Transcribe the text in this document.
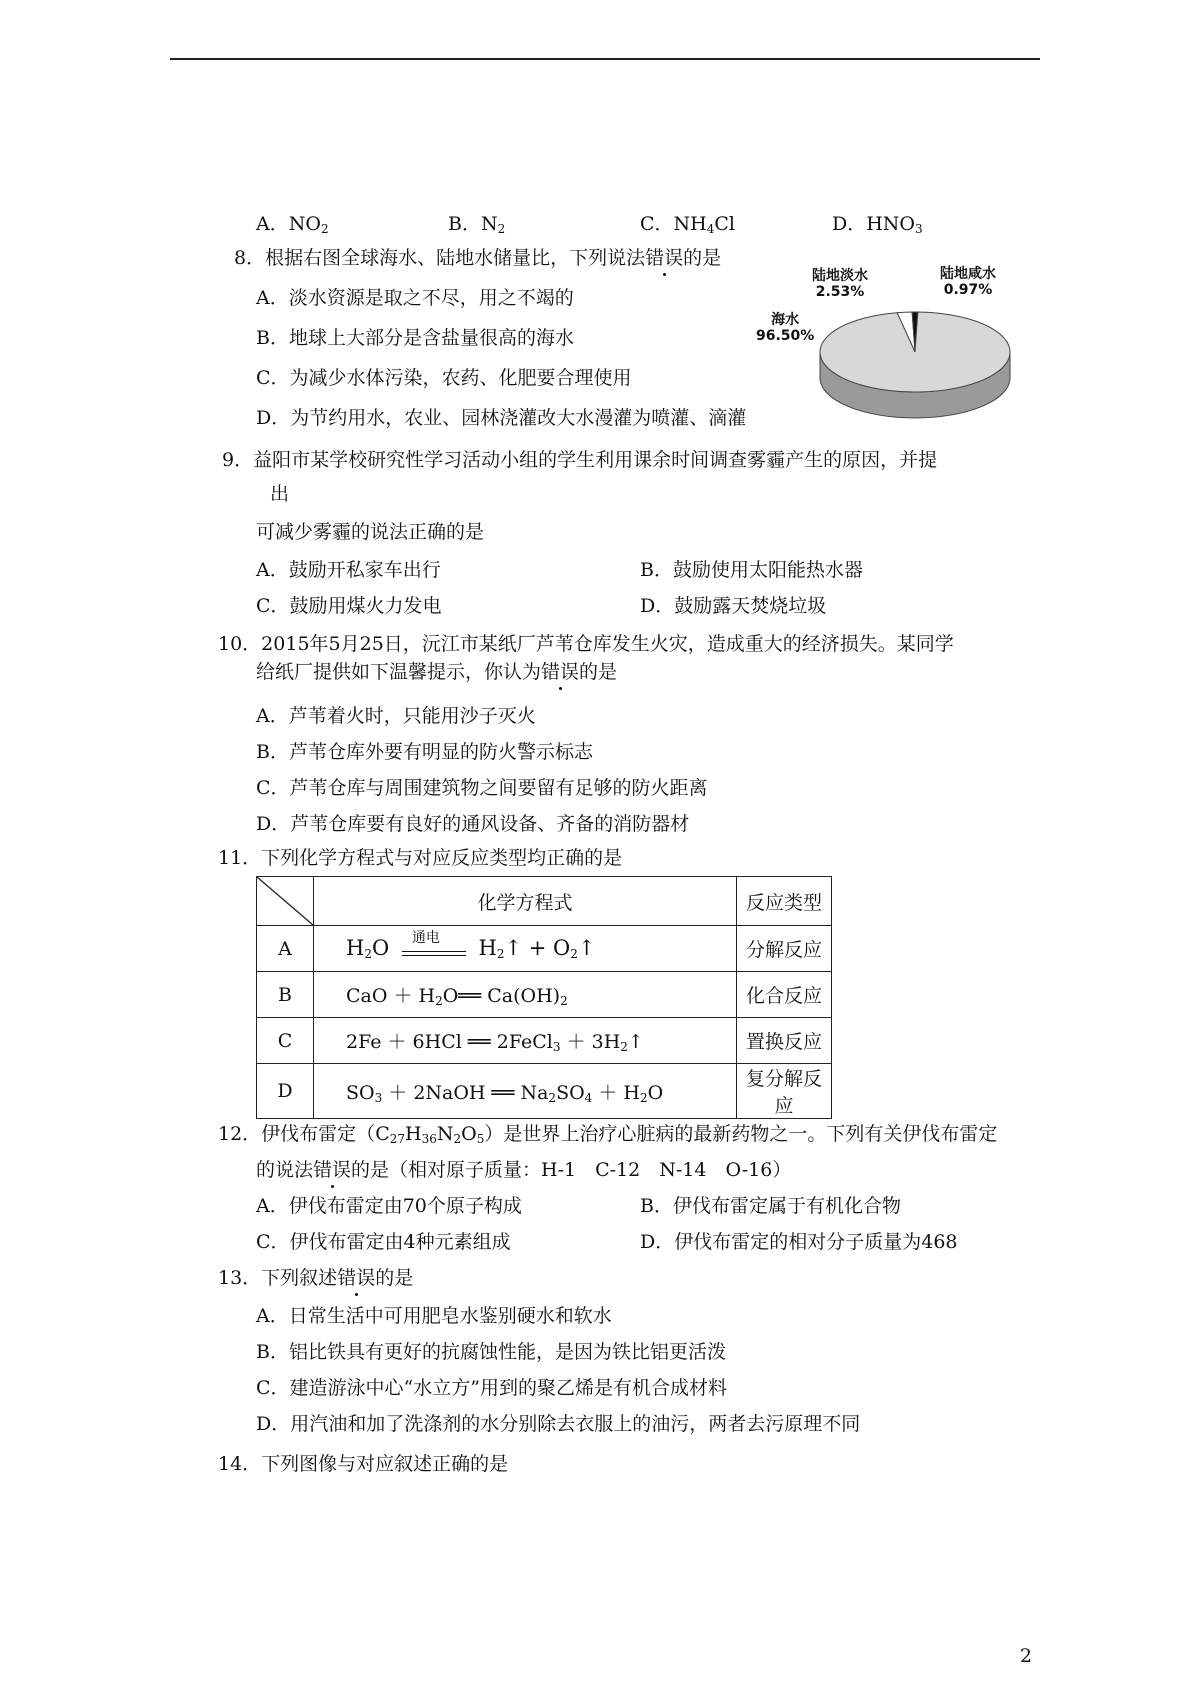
A．$NO_2$	B．$N_2$	C．$NH_4Cl$	D．$HNO_3$
8．根据右图全球海水、陆地水储量比，下列说法错误的是
A．淡水资源是取之不尽，用之不竭的
B．地球上大部分是含盐量很高的海水
C．为减少水体污染，农药、化肥要合理使用
D．为节约用水，农业、园林浇灌改大水漫灌为喷灌、滴灌
陆地淡水
2.53%
陆地咸水
0.97%
海水
96.50%
9．益阳市某学校研究性学习活动小组的学生利用课余时间调查雾霾产生的原因，并提
出
可减少雾霾的说法正确的是
A．鼓励开私家车出行	B．鼓励使用太阳能热水器
C．鼓励用煤火力发电	D．鼓励露天焚烧垃圾
10．2015年5月25日，沅江市某纸厂芦苇仓库发生火灾，造成重大的经济损失。某同学
给纸厂提供如下温馨提示，你认为错误的是
A．芦苇着火时，只能用沙子灭火
B．芦苇仓库外要有明显的防火警示标志
C．芦苇仓库与周围建筑物之间要留有足够的防火距离
D．芦苇仓库要有良好的通风设备、齐备的消防器材
11．下列化学方程式与对应反应类型均正确的是
	化学方程式	反应类型
A	$H_2O$ 通电 $H_2↑$ + $O_2↑$	分解反应
B	CaO ＋ $H_2O══$ $Ca(OH)_2$	化合反应
C	2Fe ＋ 6HCl ══ 2FeCl$_3$ ＋ $3H_2↑$	置换反应
D	$SO_3$ ＋ 2NaOH ══ $Na_2SO_4 + H_2O$	复分解反应
12．伊伐布雷定$(C_{27}H_{36}N_2O_5)$是世界上治疗心脏病的最新药物之一。下列有关伊伐布雷定
的说法错误的是（相对原子质量：H-1　C-12　N-14　O-16）
A．伊伐布雷定由70个原子构成	B．伊伐布雷定属于有机化合物
C．伊伐布雷定由4种元素组成	D．伊伐布雷定的相对分子质量为468
13．下列叙述错误的是
A．日常生活中可用肥皂水鉴别硬水和软水
B．铝比铁具有更好的抗腐蚀性能，是因为铁比铝更活泼
C．建造游泳中心“水立方”用到的聚乙烯是有机合成材料
D．用汽油和加了洗涤剂的水分别除去衣服上的油污，两者去污原理不同
14．下列图像与对应叙述正确的是
2
